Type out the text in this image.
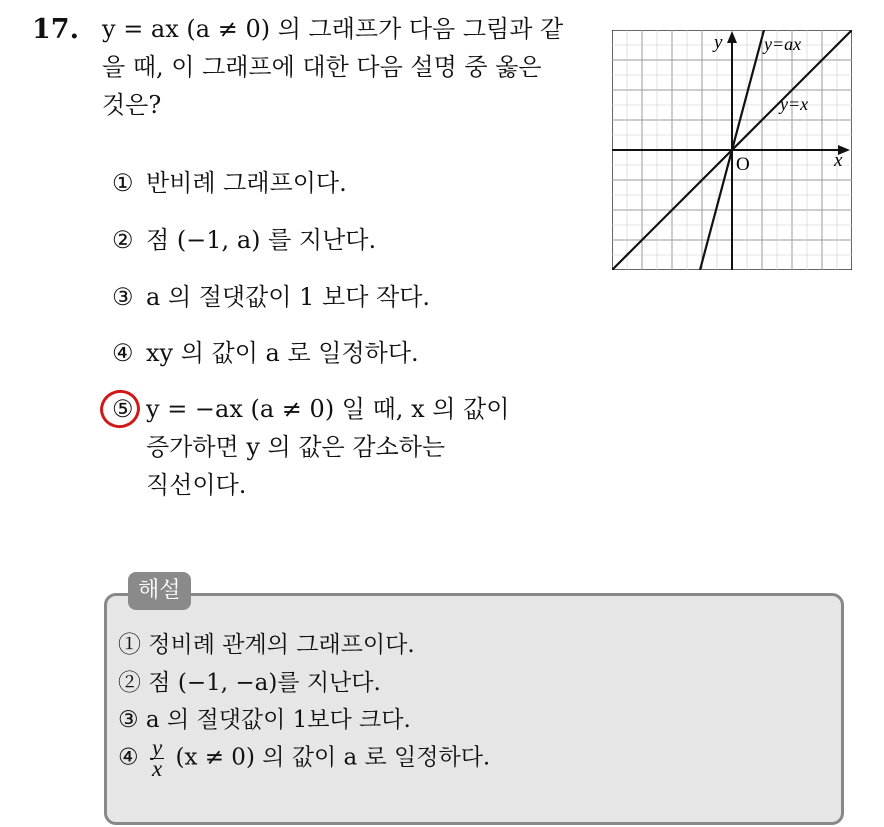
17. y = ax (a ≠ 0) 의 그래프가 다음 그림과 같
을 때, 이 그래프에 대한 다음 설명 중 옳은
것은?
① 반비례 그래프이다.
② 점 (−1, a) 를 지난다.
③ a 의 절댓값이 1 보다 작다.
④ xy 의 값이 a 로 일정하다.
⑤ y = −ax (a ≠ 0) 일 때, x 의 값이
증가하면 y 의 값은 감소하는
직선이다.
y
x
O
y=ax
y=x
해설
① 정비례 관계의 그래프이다.
② 점 (−1, −a)를 지난다.
③ a 의 절댓값이 1보다 크다.
④ $\frac{y}{x} (x \ne 0)$ 의 값이 a 로 일정하다.
